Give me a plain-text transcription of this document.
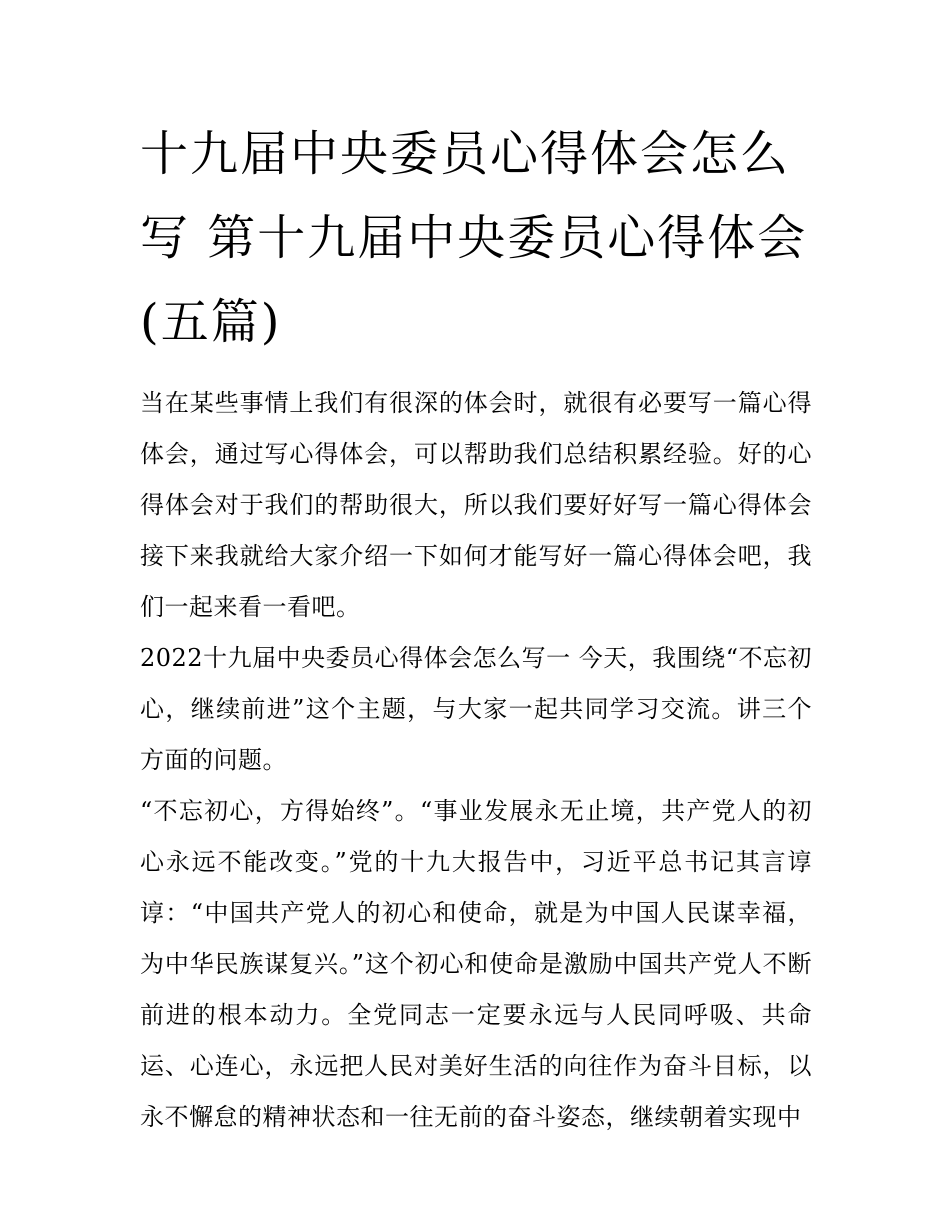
十九届中央委员心得体会怎么写 第十九届中央委员心得体会(五篇)

当在某些事情上我们有很深的体会时，就很有必要写一篇心得体会，通过写心得体会，可以帮助我们总结积累经验。好的心得体会对于我们的帮助很大，所以我们要好好写一篇心得体会接下来我就给大家介绍一下如何才能写好一篇心得体会吧，我们一起来看一看吧。

2022十九届中央委员心得体会怎么写一 今天，我围绕“不忘初心，继续前进”这个主题，与大家一起共同学习交流。讲三个方面的问题。

“不忘初心，方得始终”。“事业发展永无止境，共产党人的初心永远不能改变。”党的十九大报告中，习近平总书记其言谆谆：“中国共产党人的初心和使命，就是为中国人民谋幸福，为中华民族谋复兴。”这个初心和使命是激励中国共产党人不断前进的根本动力。全党同志一定要永远与人民同呼吸、共命运、心连心，永远把人民对美好生活的向往作为奋斗目标，以永不懈怠的精神状态和一往无前的奋斗姿态，继续朝着实现中
